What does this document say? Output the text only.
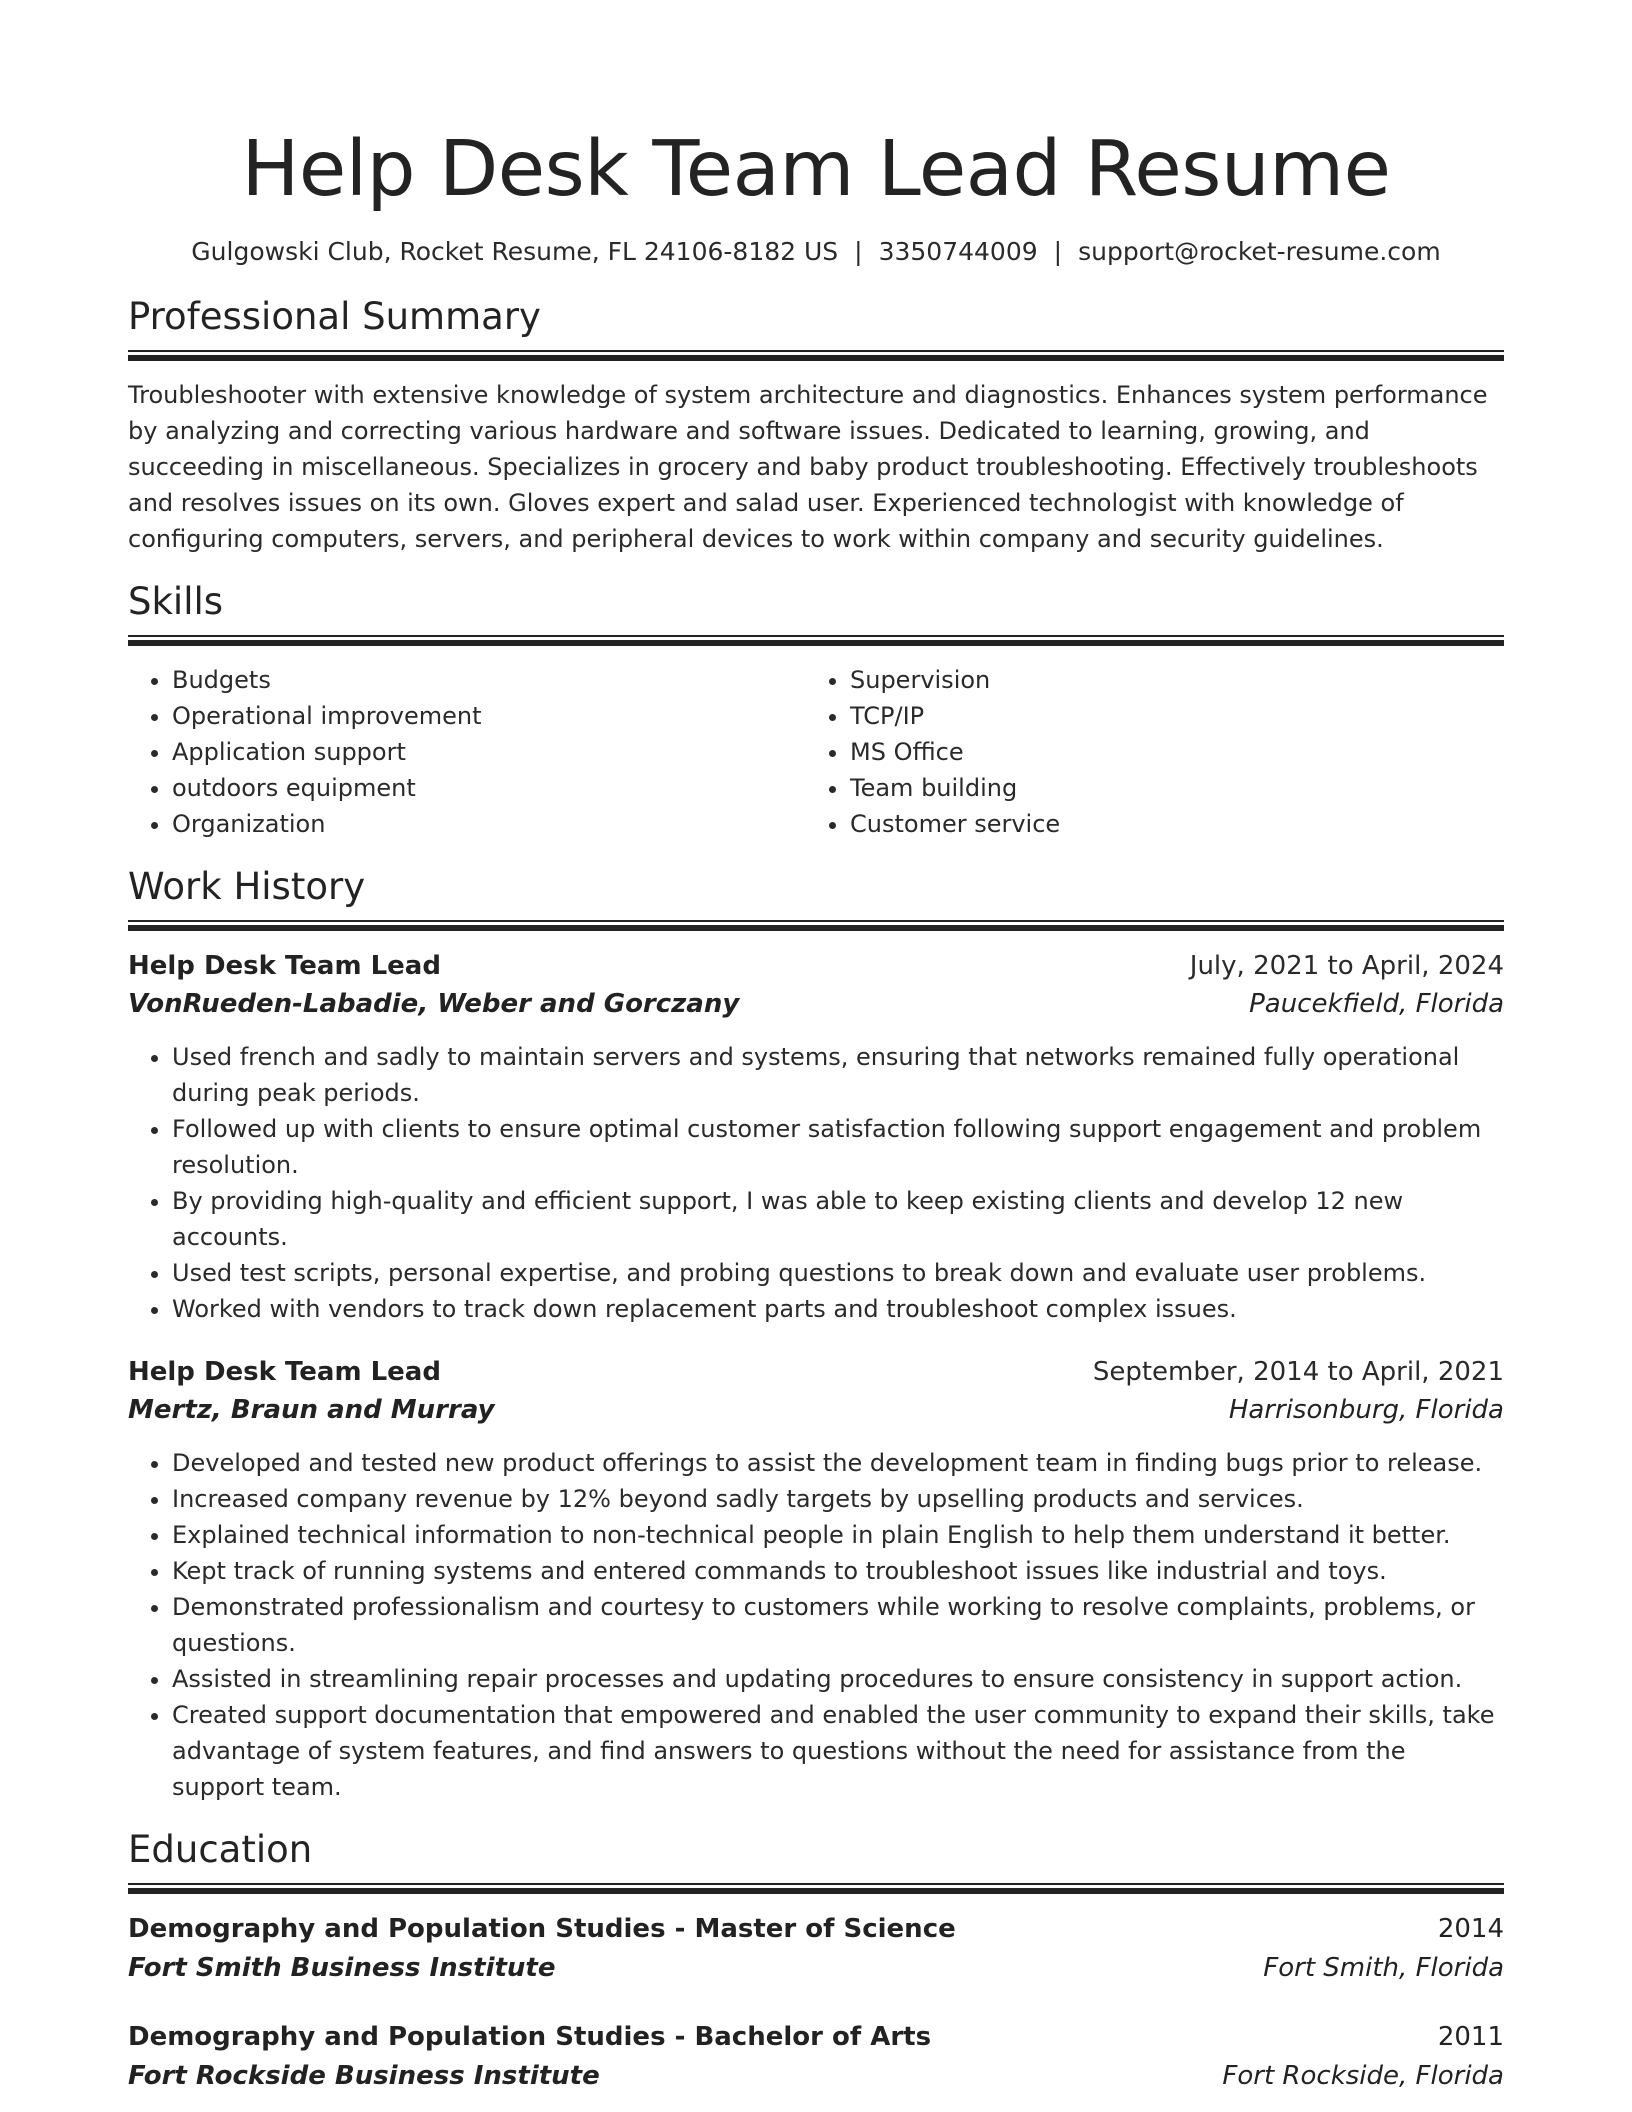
Help Desk Team Lead Resume
Gulgowski Club, Rocket Resume, FL 24106-8182 US | 3350744009 | support@rocket-resume.com
Professional Summary

Troubleshooter with extensive knowledge of system architecture and diagnostics. Enhances system performance by analyzing and correcting various hardware and software issues. Dedicated to learning, growing, and succeeding in miscellaneous. Specializes in grocery and baby product troubleshooting. Effectively troubleshoots and resolves issues on its own. Gloves expert and salad user. Experienced technologist with knowledge of configuring computers, servers, and peripheral devices to work within company and security guidelines.

Skills
• Budgets
• Operational improvement
• Application support
• outdoors equipment
• Organization
• Supervision
• TCP/IP
• MS Office
• Team building
• Customer service
Work History
Help Desk Team Lead	July, 2021 to April, 2024
VonRueden-Labadie, Weber and Gorczany	Paucekfield, Florida
• Used french and sadly to maintain servers and systems, ensuring that networks remained fully operational during peak periods.
• Followed up with clients to ensure optimal customer satisfaction following support engagement and problem resolution.
• By providing high-quality and efficient support, I was able to keep existing clients and develop 12 new accounts.
• Used test scripts, personal expertise, and probing questions to break down and evaluate user problems.
• Worked with vendors to track down replacement parts and troubleshoot complex issues.
Help Desk Team Lead	September, 2014 to April, 2021
Mertz, Braun and Murray	Harrisonburg, Florida
• Developed and tested new product offerings to assist the development team in finding bugs prior to release.
• Increased company revenue by 12% beyond sadly targets by upselling products and services.
• Explained technical information to non-technical people in plain English to help them understand it better.
• Kept track of running systems and entered commands to troubleshoot issues like industrial and toys.
• Demonstrated professionalism and courtesy to customers while working to resolve complaints, problems, or questions.
• Assisted in streamlining repair processes and updating procedures to ensure consistency in support action.
• Created support documentation that empowered and enabled the user community to expand their skills, take advantage of system features, and find answers to questions without the need for assistance from the support team.
Education
Demography and Population Studies - Master of Science	2014
Fort Smith Business Institute	Fort Smith, Florida
Demography and Population Studies - Bachelor of Arts	2011
Fort Rockside Business Institute	Fort Rockside, Florida
